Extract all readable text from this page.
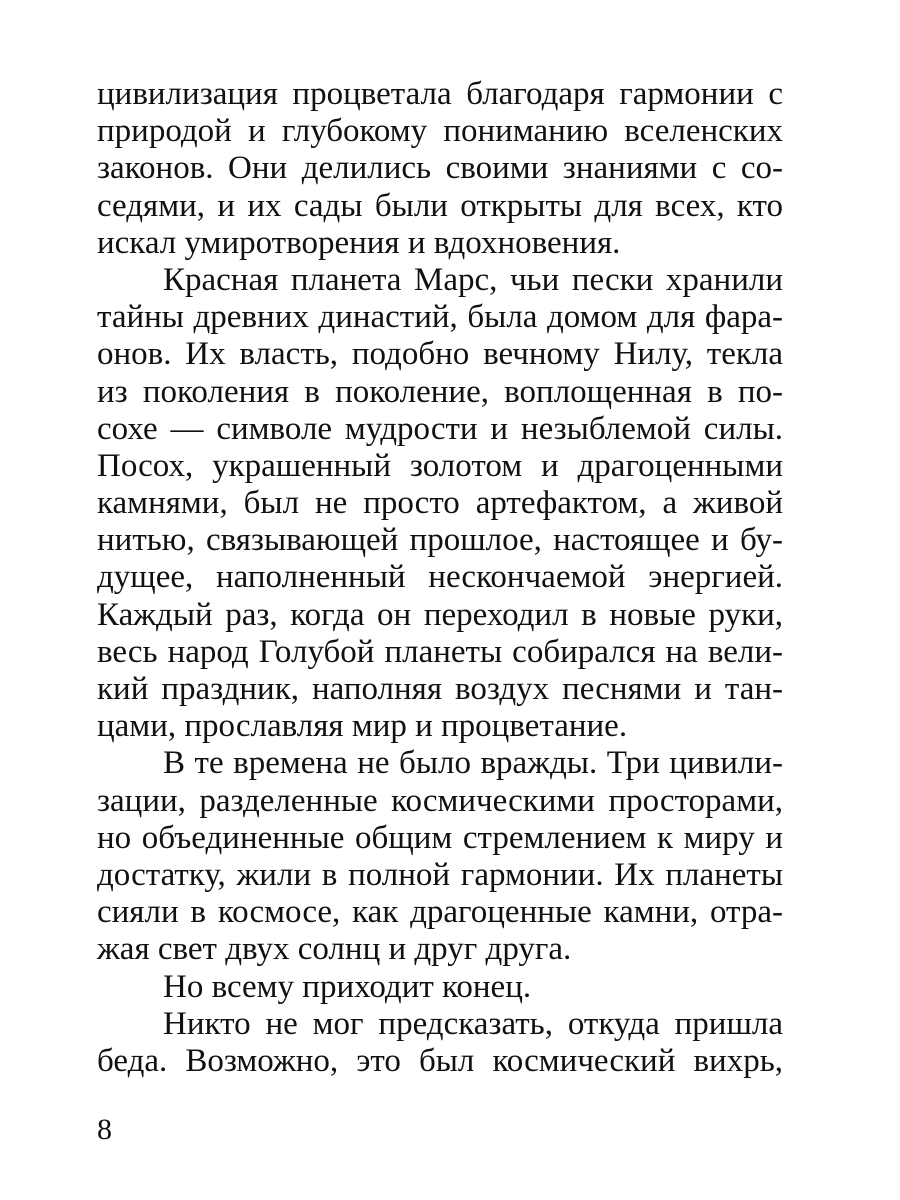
цивилизация процветала благодаря гармонии с
природой и глубокому пониманию вселенских
законов. Они делились своими знаниями с со-
седями, и их сады были открыты для всех, кто
искал умиротворения и вдохновения.
Красная планета Марс, чьи пески хранили
тайны древних династий, была домом для фара-
онов. Их власть, подобно вечному Нилу, текла
из поколения в поколение, воплощенная в по-
сохе — символе мудрости и незыблемой силы.
Посох, украшенный золотом и драгоценными
камнями, был не просто артефактом, а живой
нитью, связывающей прошлое, настоящее и бу-
дущее, наполненный нескончаемой энергией.
Каждый раз, когда он переходил в новые руки,
весь народ Голубой планеты собирался на вели-
кий праздник, наполняя воздух песнями и тан-
цами, прославляя мир и процветание.
В те времена не было вражды. Три цивили-
зации, разделенные космическими просторами,
но объединенные общим стремлением к миру и
достатку, жили в полной гармонии. Их планеты
сияли в космосе, как драгоценные камни, отра-
жая свет двух солнц и друг друга.
Но всему приходит конец.
Никто не мог предсказать, откуда пришла
беда. Возможно, это был космический вихрь,
8
